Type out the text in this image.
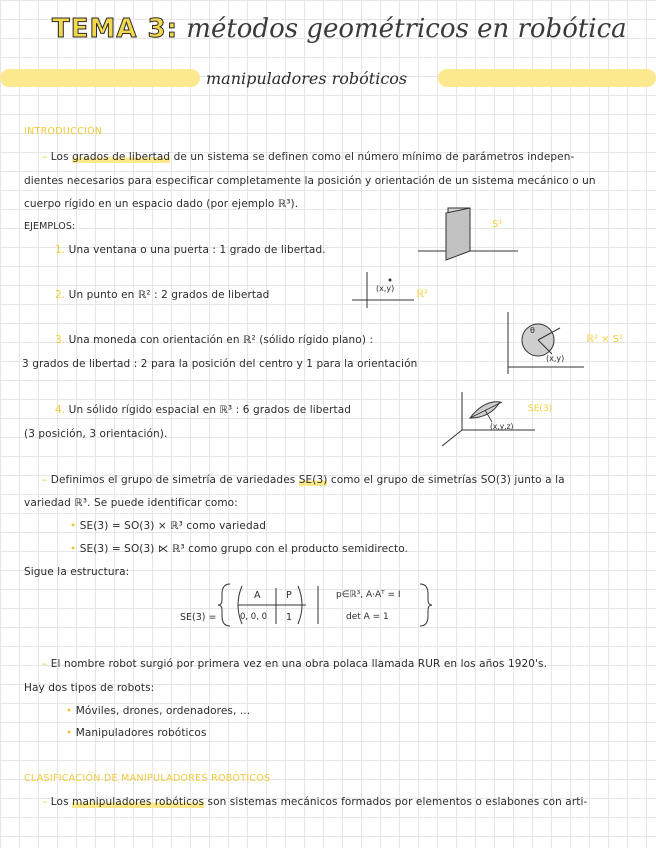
TEMA 3: métodos geométricos en robótica
manipuladores robóticos
INTRODUCCIÓN
– Los grados de libertad de un sistema se definen como el número mínimo de parámetros indepen-
dientes necesarios para especificar completamente la posición y orientación de un sistema mecánico o un
cuerpo rígido en un espacio dado (por ejemplo ℝ³).
EJEMPLOS:
1. Una ventana o una puerta : 1 grado de libertad.
S¹
2. Un punto en ℝ² : 2 grados de libertad
(x,y)
ℝ²
3. Una moneda con orientación en ℝ² (sólido rígido plano) :
3 grados de libertad : 2 para la posición del centro y 1 para la orientación
θ
(x,y)
ℝ² × S¹
4. Un sólido rígido espacial en ℝ³ : 6 grados de libertad
(3 posición, 3 orientación).
(x,y,z)
SE(3)
– Definimos el grupo de simetría de variedades SE(3) como el grupo de simetrías SO(3) junto a la
variedad ℝ³. Se puede identificar como:
• SE(3) = SO(3) × ℝ³ como variedad
• SE(3) = SO(3) ⋉ ℝ³ como grupo con el producto semidirecto.
Sigue la estructura:
SE(3) =
A	P
0, 0, 0 1
p∈ℝ³, A·Aᵀ = I
det A = 1
– El nombre robot surgió por primera vez en una obra polaca llamada RUR en los años 1920's.
Hay dos tipos de robots:
• Móviles, drones, ordenadores, ...
• Manipuladores robóticos
CLASIFICACIÓN DE MANIPULADORES ROBÓTICOS
– Los manipuladores robóticos son sistemas mecánicos formados por elementos o eslabones con arti-
